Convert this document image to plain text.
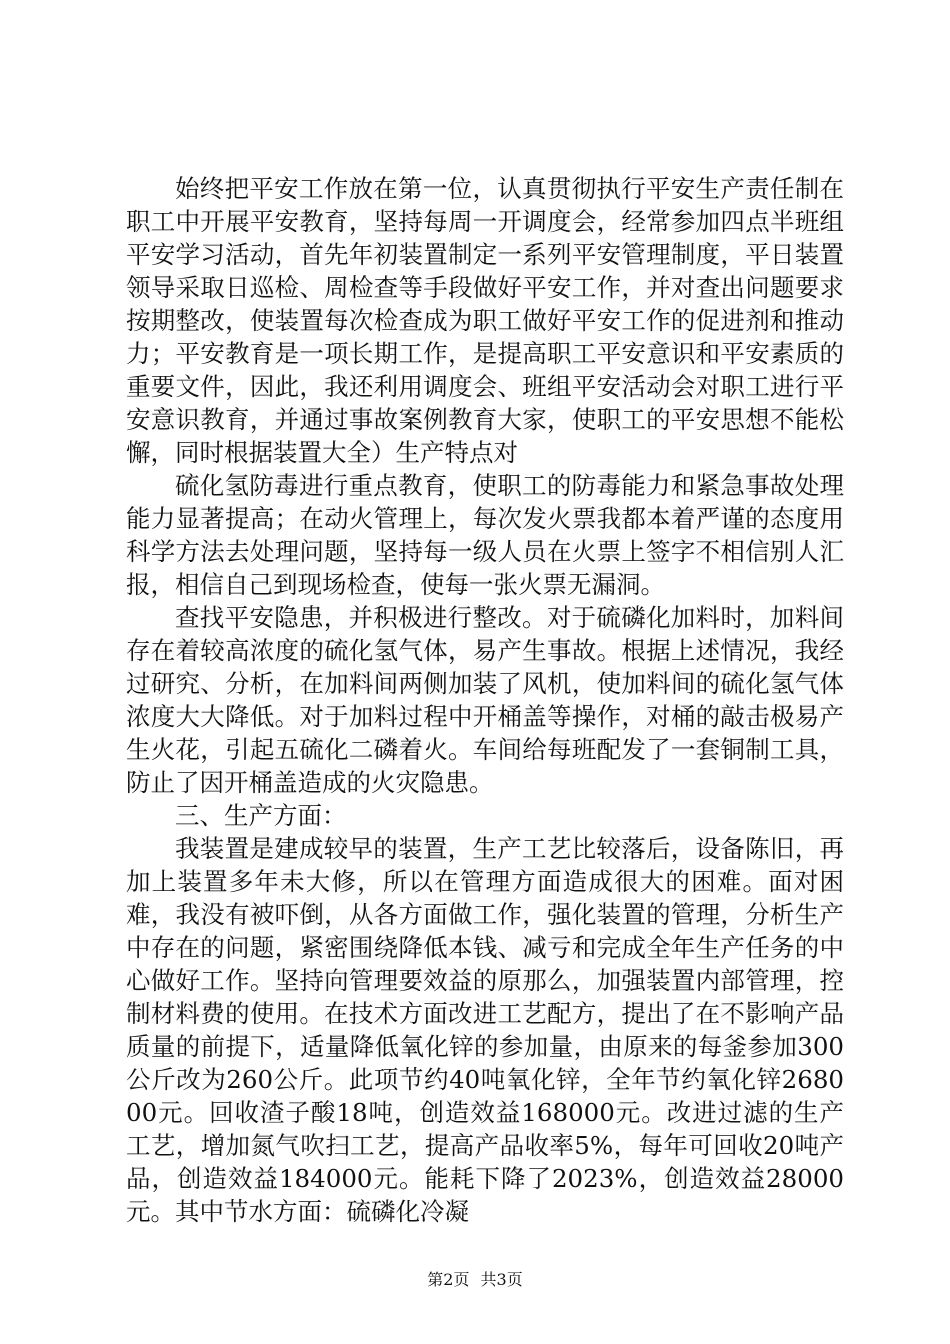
始终把平安工作放在第一位，认真贯彻执行平安生产责任制在职工中开展平安教育，坚持每周一开调度会，经常参加四点半班组平安学习活动，首先年初装置制定一系列平安管理制度，平日装置领导采取日巡检、周检查等手段做好平安工作，并对查出问题要求按期整改，使装置每次检查成为职工做好平安工作的促进剂和推动力；平安教育是一项长期工作，是提高职工平安意识和平安素质的重要文件，因此，我还利用调度会、班组平安活动会对职工进行平安意识教育，并通过事故案例教育大家，使职工的平安思想不能松懈，同时根据装置大全）生产特点对

硫化氢防毒进行重点教育，使职工的防毒能力和紧急事故处理能力显著提高；在动火管理上，每次发火票我都本着严谨的态度用科学方法去处理问题，坚持每一级人员在火票上签字不相信别人汇报，相信自己到现场检查，使每一张火票无漏洞。

查找平安隐患，并积极进行整改。对于硫磷化加料时，加料间存在着较高浓度的硫化氢气体，易产生事故。根据上述情况，我经过研究、分析，在加料间两侧加装了风机，使加料间的硫化氢气体浓度大大降低。对于加料过程中开桶盖等操作，对桶的敲击极易产生火花，引起五硫化二磷着火。车间给每班配发了一套铜制工具，防止了因开桶盖造成的火灾隐患。

三、生产方面：

我装置是建成较早的装置，生产工艺比较落后，设备陈旧，再加上装置多年未大修，所以在管理方面造成很大的困难。面对困难，我没有被吓倒，从各方面做工作，强化装置的管理，分析生产中存在的问题，紧密围绕降低本钱、减亏和完成全年生产任务的中心做好工作。坚持向管理要效益的原那么，加强装置内部管理，控制材料费的使用。在技术方面改进工艺配方，提出了在不影响产品质量的前提下，适量降低氧化锌的参加量，由原来的每釜参加300公斤改为260公斤。此项节约40吨氧化锌，全年节约氧化锌268000元。回收渣子酸18吨，创造效益168000元。改进过滤的生产工艺，增加氮气吹扫工艺，提高产品收率5%，每年可回收20吨产品，创造效益184000元。能耗下降了2023%，创造效益28000元。其中节水方面：硫磷化冷凝

第2页 共3页
